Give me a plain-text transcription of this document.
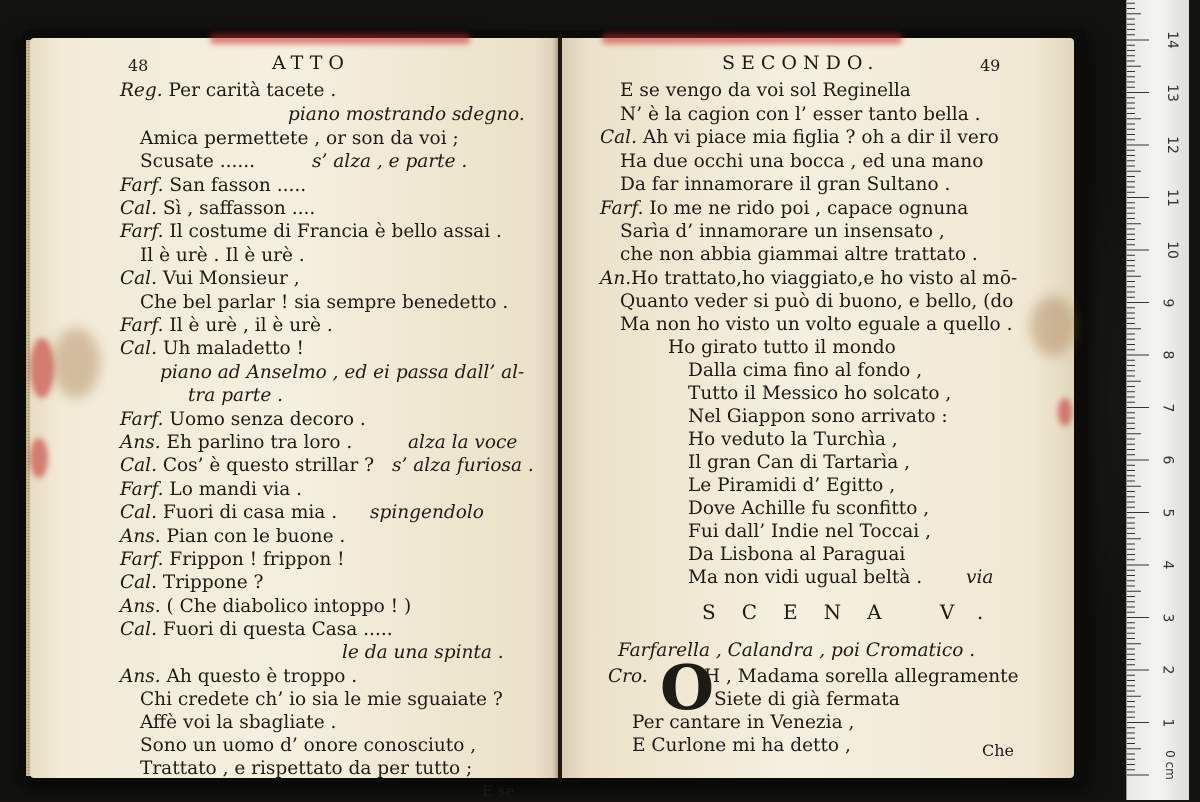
48	ATTO
Reg. Per carità tacete .
piano mostrando sdegno.
Amica permettete , or son da voi ;
Scusate ......	s’ alza , e parte .
Farf. San fasson .....
Cal. Sì , saffasson ....
Farf. Il costume di Francia è bello assai .
Il è urè . Il è urè .
Cal. Vui Monsieur ,
Che bel parlar ! sia sempre benedetto .
Farf. Il è urè , il è urè .
Cal. Uh maladetto !
piano ad Anselmo , ed ei passa dall’ al-
tra parte .
Farf. Uomo senza decoro .
Ans. Eh parlino tra loro .	alza la voce
Cal. Cos’ è questo strillar ? s’ alza furiosa .
Farf. Lo mandi via .
Cal. Fuori di casa mia . spingendolo
Ans. Pian con le buone .
Farf. Frippon ! frippon !
Cal. Trippone ?
Ans. ( Che diabolico intoppo ! )
Cal. Fuori di questa Casa .....
le da una spinta .
Ans. Ah questo è troppo .
Chi credete ch’ io sia le mie sguaiate ?
Affè voi la sbagliate .
Sono un uomo d’ onore conosciuto ,
Trattato , e rispettato da per tutto ;
E se
SECONDO.	49
E se vengo da voi sol Reginella
N’ è la cagion con l’ esser tanto bella .
Cal. Ah vi piace mia figlia ? oh a dir il vero
Ha due occhi una bocca , ed una mano
Da far innamorare il gran Sultano .
Farf. Io me ne rido poi , capace ognuna
Sarìa d’ innamorare un insensato ,
che non abbia giammai altre trattato .
An.Ho trattato,ho viaggiato,e ho visto al mō-
Quanto veder si può di buono, e bello, (do
Ma non ho visto un volto eguale a quello .
Ho girato tutto il mondo
Dalla cima fino al fondo ,
Tutto il Messico ho solcato ,
Nel Giappon sono arrivato :
Ho veduto la Turchìa ,
Il gran Can di Tartarìa ,
Le Piramidi d’ Egitto ,
Dove Achille fu sconfitto ,
Fui dall’ Indie nel Toccai ,
Da Lisbona al Paraguai
Ma non vidi ugual beltà . via
SCENA V.
Farfarella , Calandra , poi Cromatico .
Cro. O
H , Madama sorella allegramente
Siete di già fermata
Per cantare in Venezia ,
E Curlone mi ha detto ,	Che
1
2
3
4
5
6
7
8
9
10
11
12
13
14
0 cm
